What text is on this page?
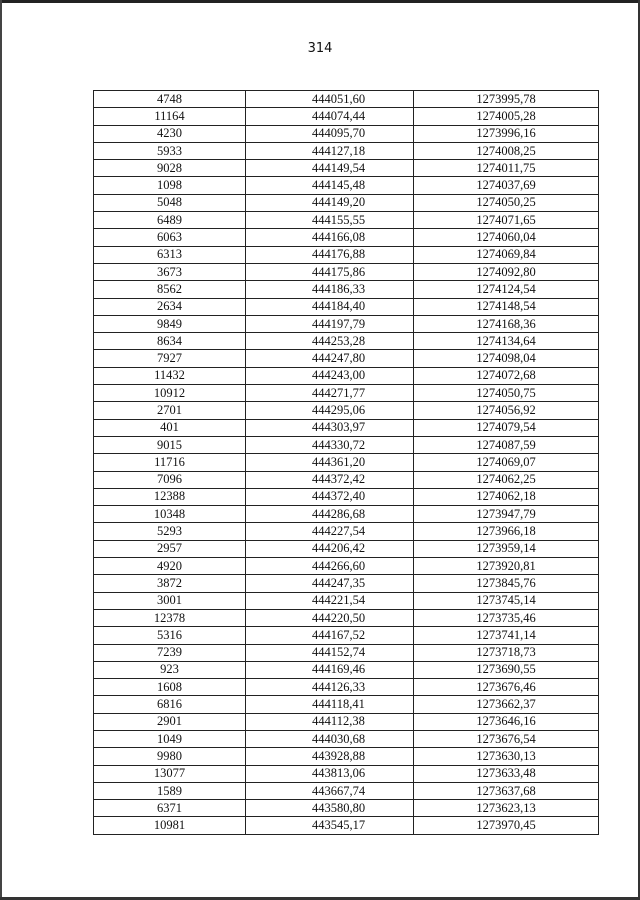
314
4748	444051,60	1273995,78
11164	444074,44	1274005,28
4230	444095,70	1273996,16
5933	444127,18	1274008,25
9028	444149,54	1274011,75
1098	444145,48	1274037,69
5048	444149,20	1274050,25
6489	444155,55	1274071,65
6063	444166,08	1274060,04
6313	444176,88	1274069,84
3673	444175,86	1274092,80
8562	444186,33	1274124,54
2634	444184,40	1274148,54
9849	444197,79	1274168,36
8634	444253,28	1274134,64
7927	444247,80	1274098,04
11432	444243,00	1274072,68
10912	444271,77	1274050,75
2701	444295,06	1274056,92
401	444303,97	1274079,54
9015	444330,72	1274087,59
11716	444361,20	1274069,07
7096	444372,42	1274062,25
12388	444372,40	1274062,18
10348	444286,68	1273947,79
5293	444227,54	1273966,18
2957	444206,42	1273959,14
4920	444266,60	1273920,81
3872	444247,35	1273845,76
3001	444221,54	1273745,14
12378	444220,50	1273735,46
5316	444167,52	1273741,14
7239	444152,74	1273718,73
923	444169,46	1273690,55
1608	444126,33	1273676,46
6816	444118,41	1273662,37
2901	444112,38	1273646,16
1049	444030,68	1273676,54
9980	443928,88	1273630,13
13077	443813,06	1273633,48
1589	443667,74	1273637,68
6371	443580,80	1273623,13
10981	443545,17	1273970,45
